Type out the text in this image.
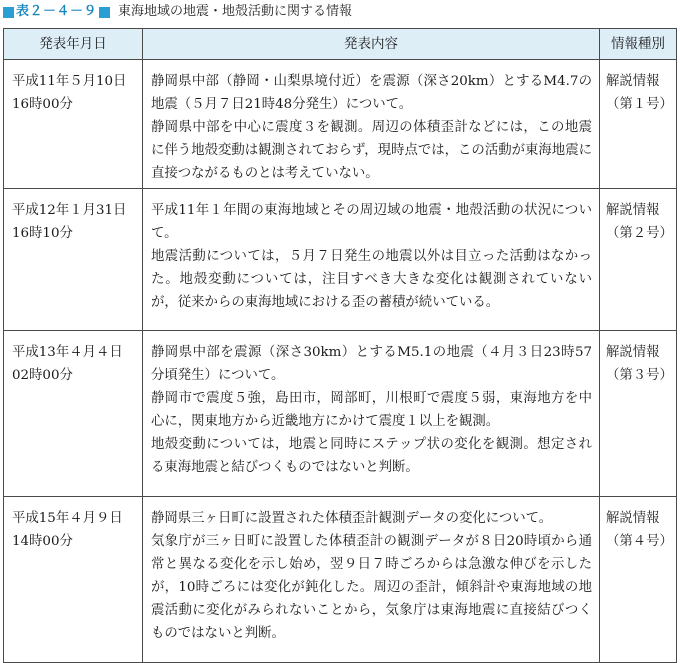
表２－４－９ 東海地域の地震・地殻活動に関する情報
発表年月日	発表内容	情報種別

平成11年５月10日
16時00分	静岡県中部（静岡・山梨県境付近）を震源（深さ20km）とするM4.7の地震（５月７日21時48分発生）について。
静岡県中部を中心に震度３を観測。周辺の体積歪計などには，この地震に伴う地殻変動は観測されておらず，現時点では，この活動が東海地震に直接つながるものとは考えていない。	解説情報
（第１号）

平成12年１月31日
16時10分	平成11年１年間の東海地域とその周辺域の地震・地殻活動の状況について。
地震活動については，５月７日発生の地震以外は目立った活動はなかった。地殻変動については，注目すべき大きな変化は観測されていないが，従来からの東海地域における歪の蓄積が続いている。	解説情報
（第２号）

平成13年４月４日
02時00分	静岡県中部を震源（深さ30km）とするM5.1の地震（４月３日23時57分頃発生）について。
静岡市で震度５強，島田市，岡部町，川根町で震度５弱，東海地方を中心に，関東地方から近畿地方にかけて震度１以上を観測。
地殻変動については，地震と同時にステップ状の変化を観測。想定される東海地震と結びつくものではないと判断。	解説情報
（第３号）

平成15年４月９日
14時00分	静岡県三ヶ日町に設置された体積歪計観測データの変化について。
気象庁が三ヶ日町に設置した体積歪計の観測データが８日20時頃から通常と異なる変化を示し始め，翌９日７時ごろからは急激な伸びを示したが，10時ごろには変化が鈍化した。周辺の歪計，傾斜計や東海地域の地震活動に変化がみられないことから，気象庁は東海地震に直接結びつくものではないと判断。	解説情報
（第４号）
